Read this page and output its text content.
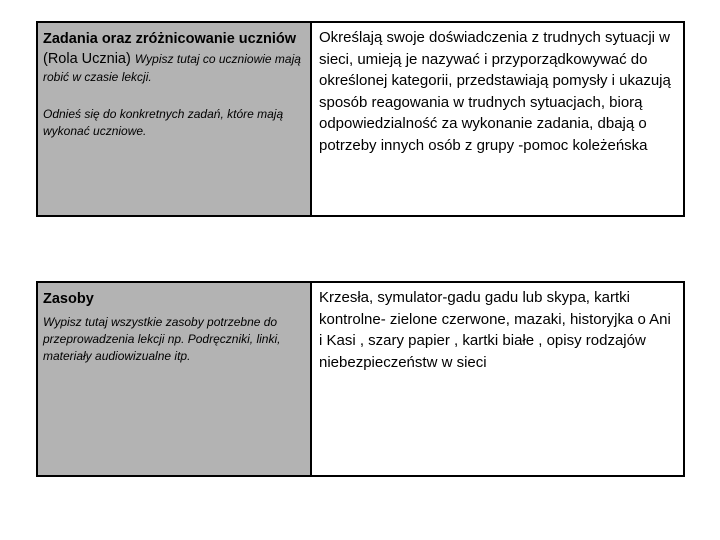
Zadania oraz zróżnicowanie uczniów (Rola Ucznia) Wypisz tutaj co uczniowie mają robić w czasie lekcji.
Odnieś się do konkretnych zadań, które mają wykonać uczniowe.
Określają swoje doświadczenia z trudnych sytuacji w sieci, umieją je nazywać i przyporządkowywać do określonej kategorii, przedstawiają pomysły i ukazują sposób reagowania w trudnych sytuacjach, biorą odpowiedzialność za wykonanie zadania, dbają o potrzeby innych osób z grupy -pomoc koleżeńska
Zasoby
Wypisz tutaj wszystkie zasoby potrzebne do przeprowadzenia lekcji np. Podręczniki, linki, materiały audiowizualne itp.
Krzesła, symulator-gadu gadu lub skypa, kartki kontrolne- zielone czerwone, mazaki, historyjka o Ani i Kasi , szary papier , kartki białe , opisy rodzajów niebezpieczeństw w sieci
